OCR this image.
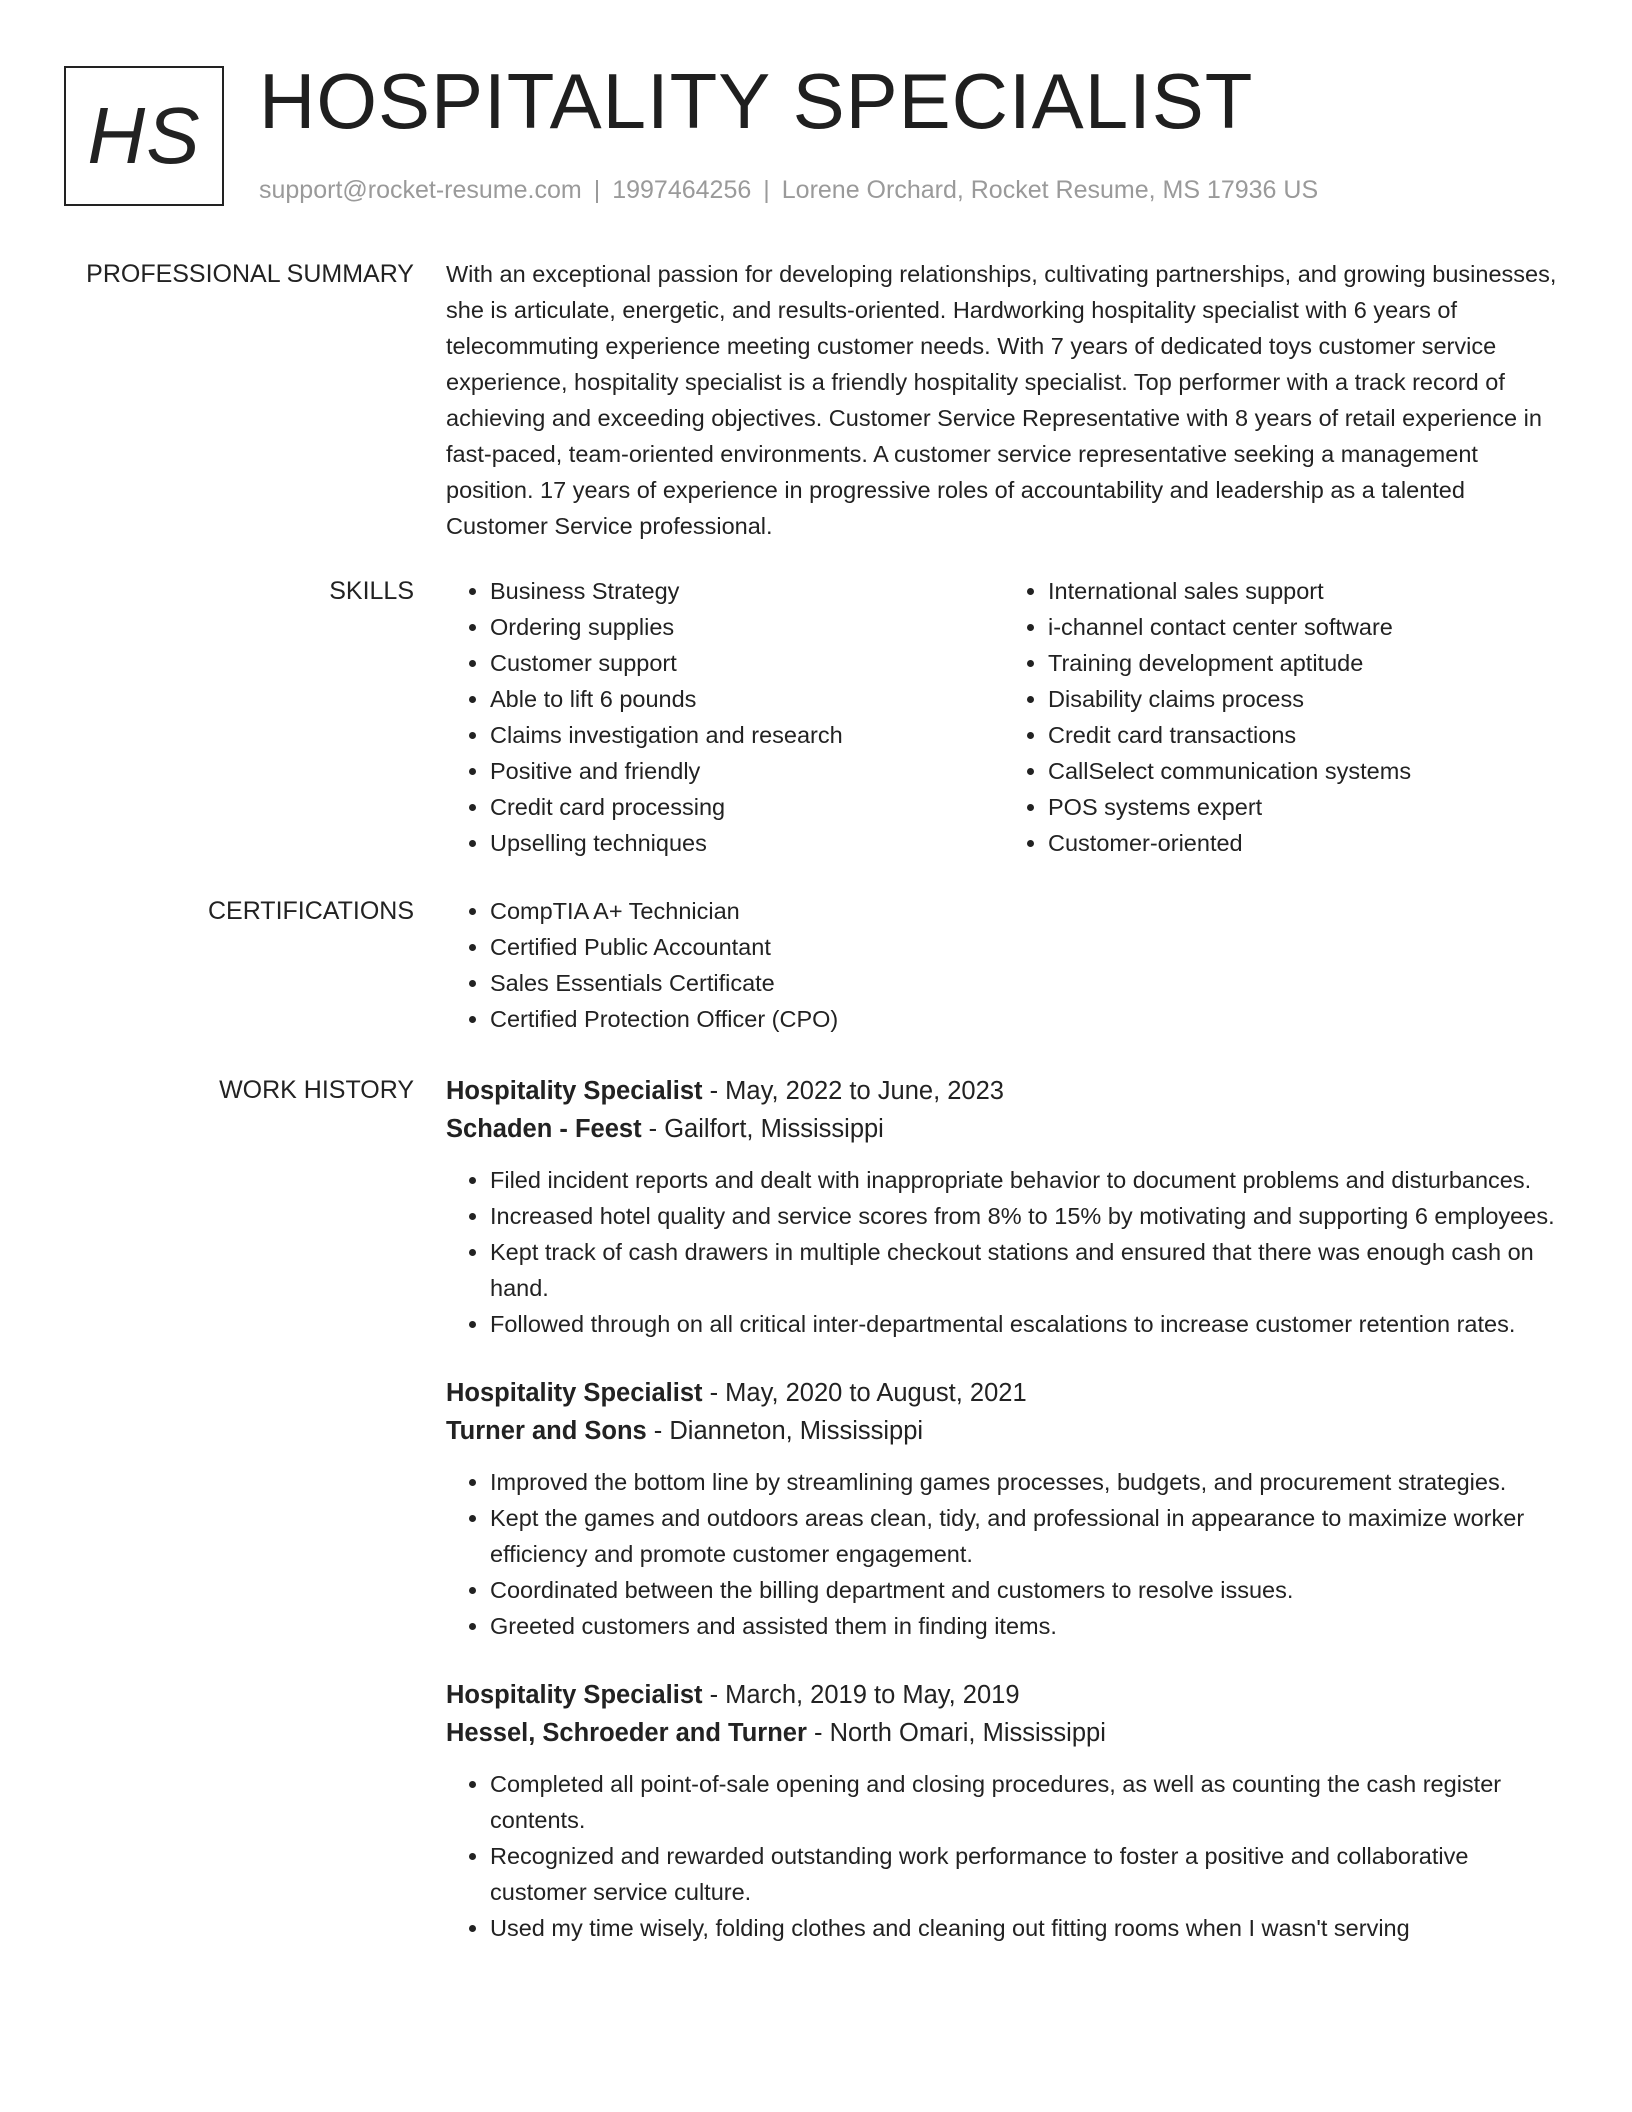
HS HOSPITALITY SPECIALIST
support@rocket-resume.com | 1997464256 | Lorene Orchard, Rocket Resume, MS 17936 US
PROFESSIONAL SUMMARY With an exceptional passion for developing relationships, cultivating partnerships, and growing businesses, she is articulate, energetic, and results-oriented. Hardworking hospitality specialist with 6 years of telecommuting experience meeting customer needs. With 7 years of dedicated toys customer service experience, hospitality specialist is a friendly hospitality specialist. Top performer with a track record of achieving and exceeding objectives. Customer Service Representative with 8 years of retail experience in fast-paced, team-oriented environments. A customer service representative seeking a management position. 17 years of experience in progressive roles of accountability and leadership as a talented Customer Service professional.
SKILLS	• Business Strategy
• Ordering supplies
• Customer support
• Able to lift 6 pounds
• Claims investigation and research
• Positive and friendly
• Credit card processing
• Upselling techniques
• International sales support
• i-channel contact center software
• Training development aptitude
• Disability claims process
• Credit card transactions
• CallSelect communication systems
• POS systems expert
• Customer-oriented
CERTIFICATIONS	• CompTIA A+ Technician
• Certified Public Accountant
• Sales Essentials Certificate
• Certified Protection Officer (CPO)
WORK HISTORY Hospitality Specialist - May, 2022 to June, 2023
Schaden - Feest - Gailfort, Mississippi
• Filed incident reports and dealt with inappropriate behavior to document problems and disturbances.
• Increased hotel quality and service scores from 8% to 15% by motivating and supporting 6 employees.
• Kept track of cash drawers in multiple checkout stations and ensured that there was enough cash on hand.
• Followed through on all critical inter-departmental escalations to increase customer retention rates.
Hospitality Specialist - May, 2020 to August, 2021
Turner and Sons - Dianneton, Mississippi
• Improved the bottom line by streamlining games processes, budgets, and procurement strategies.
• Kept the games and outdoors areas clean, tidy, and professional in appearance to maximize worker efficiency and promote customer engagement.
• Coordinated between the billing department and customers to resolve issues.
• Greeted customers and assisted them in finding items.
Hospitality Specialist - March, 2019 to May, 2019
Hessel, Schroeder and Turner - North Omari, Mississippi
• Completed all point-of-sale opening and closing procedures, as well as counting the cash register contents.
• Recognized and rewarded outstanding work performance to foster a positive and collaborative customer service culture.
• Used my time wisely, folding clothes and cleaning out fitting rooms when I wasn't serving
